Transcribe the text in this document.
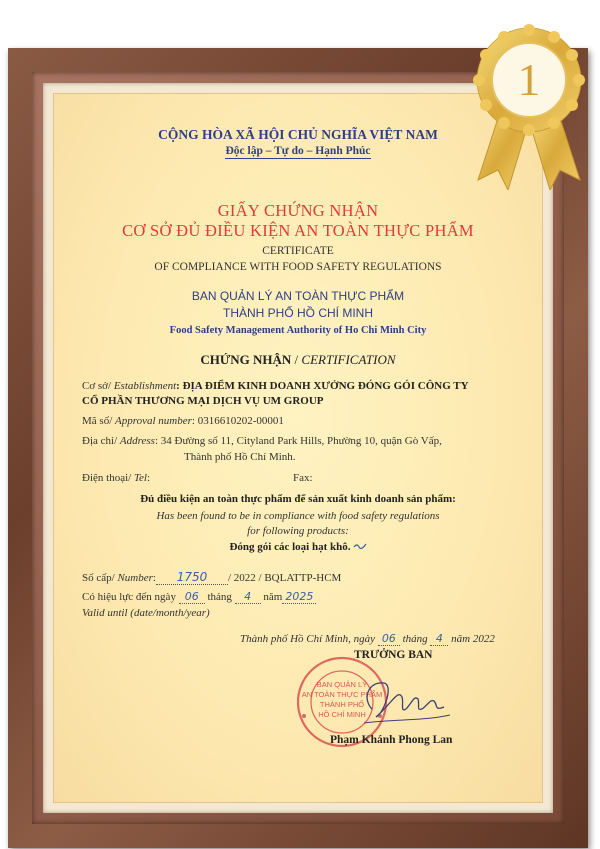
CỘNG HÒA XÃ HỘI CHỦ NGHĨA VIỆT NAM
Độc lập – Tự do – Hạnh Phúc
GIẤY CHỨNG NHẬN
CƠ SỞ ĐỦ ĐIỀU KIỆN AN TOÀN THỰC PHẨM
CERTIFICATE
OF COMPLIANCE WITH FOOD SAFETY REGULATIONS
BAN QUẢN LÝ AN TOÀN THỰC PHẨM
THÀNH PHỐ HỒ CHÍ MINH
Food Safety Management Authority of Ho Chi Minh City
CHỨNG NHẬN / CERTIFICATION
Cơ sở/ Establishment: ĐỊA ĐIỂM KINH DOANH XƯỞNG ĐÓNG GÓI CÔNG TY
CỔ PHẦN THƯƠNG MẠI DỊCH VỤ UM GROUP
Mã số/ Approval number: 0316610202-00001
Địa chỉ/ Address: 34 Đường số 11, Cityland Park Hills, Phường 10, quận Gò Vấp,
Thành phố Hồ Chí Minh.
Điện thoại/ Tel:	Fax:
Đủ điều kiện an toàn thực phẩm để sản xuất kinh doanh sản phẩm:
Has been found to be in compliance with food safety regulations
for following products:
Đóng gói các loại hạt khô.
Số cấp/ Number: 1750 / 2022 / BQLATTP-HCM
Có hiệu lực đến ngày 06 tháng 4 năm 2025
Valid until (date/month/year)
Thành phố Hồ Chí Minh, ngày 06 tháng 4 năm 2022
TRƯỞNG BAN
BAN QUẢN LÝ
AN TOÀN THỰC PHẨM
THÀNH PHỐ
HỒ CHÍ MINH
Phạm Khánh Phong Lan
1
